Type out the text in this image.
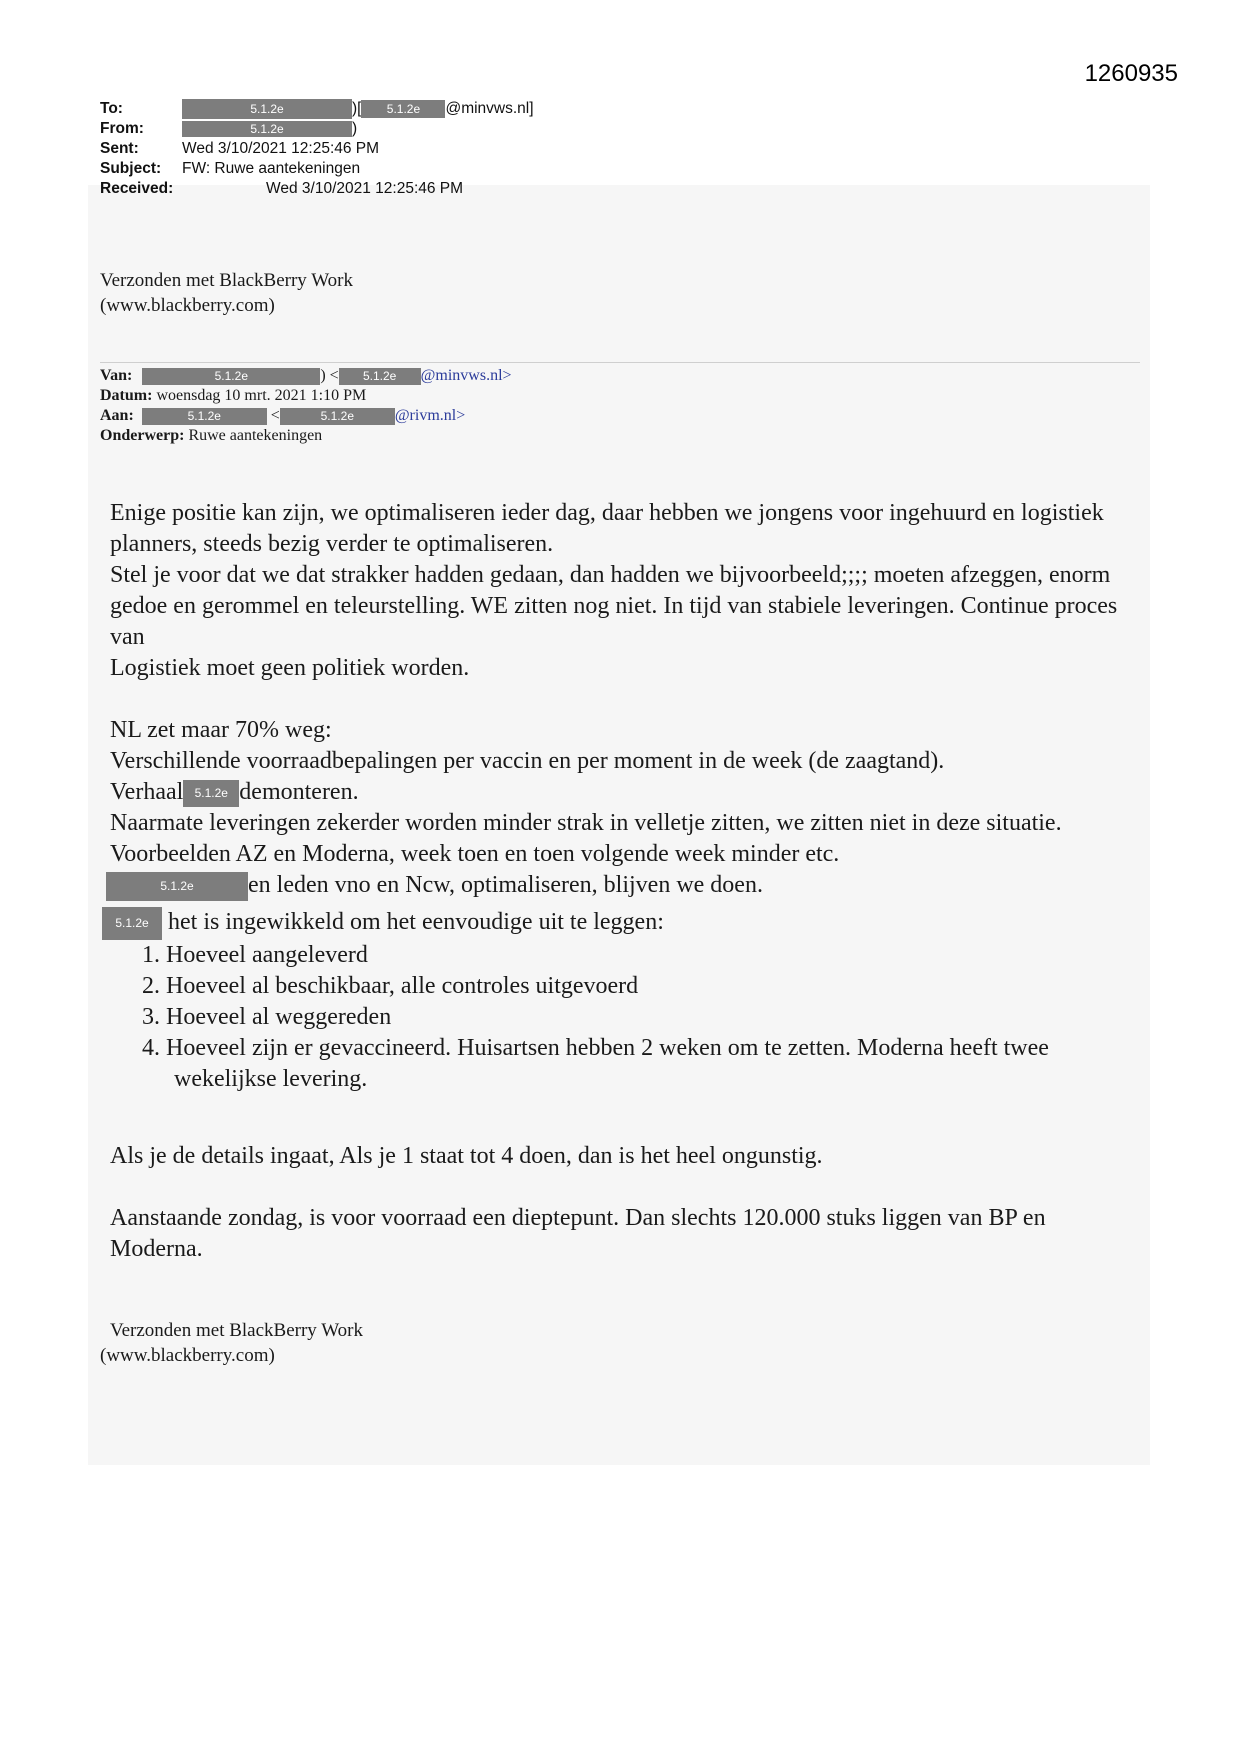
1260935
To:	5.1.2e	)[ 5.1.2e @minvws.nl]
From:	5.1.2e	)
Sent:	Wed 3/10/2021 12:25:46 PM
Subject: FW: Ruwe aantekeningen
Received:	Wed 3/10/2021 12:25:46 PM
Verzonden met BlackBerry Work
(www.blackberry.com)
Van:	5.1.2e	) < 5.1.2e @minvws.nl>
Datum: woensdag 10 mrt. 2021 1:10 PM
Aan:	5.1.2e	<	5.1.2e	@rivm.nl>
Onderwerp: Ruwe aantekeningen

Enige positie kan zijn, we optimaliseren ieder dag, daar hebben we jongens voor ingehuurd en logistiek planners, steeds bezig verder te optimaliseren.

Stel je voor dat we dat strakker hadden gedaan, dan hadden we bijvoorbeeld;;;; moeten afzeggen, enorm gedoe en gerommel en teleurstelling. WE zitten nog niet. In tijd van stabiele leveringen. Continue proces van

Logistiek moet geen politiek worden.

NL zet maar 70% weg:

Verschillende voorraadbepalingen per vaccin en per moment in de week (de zaagtand).

Verhaal 5.1.2e demonteren.

Naarmate leveringen zekerder worden minder strak in velletje zitten, we zitten niet in deze situatie. Voorbeelden AZ en Moderna, week toen en toen volgende week minder etc.

5.1.2e en leden vno en Ncw, optimaliseren, blijven we doen.

5.1.2e het is ingewikkeld om het eenvoudige uit te leggen:

1. Hoeveel aangeleverd
2. Hoeveel al beschikbaar, alle controles uitgevoerd
3. Hoeveel al weggereden
4. Hoeveel zijn er gevaccineerd. Huisartsen hebben 2 weken om te zetten. Moderna heeft twee wekelijkse levering.

Als je de details ingaat, Als je 1 staat tot 4 doen, dan is het heel ongunstig.

Aanstaande zondag, is voor voorraad een dieptepunt. Dan slechts 120.000 stuks liggen van BP en Moderna.

Verzonden met BlackBerry Work
(www.blackberry.com)
